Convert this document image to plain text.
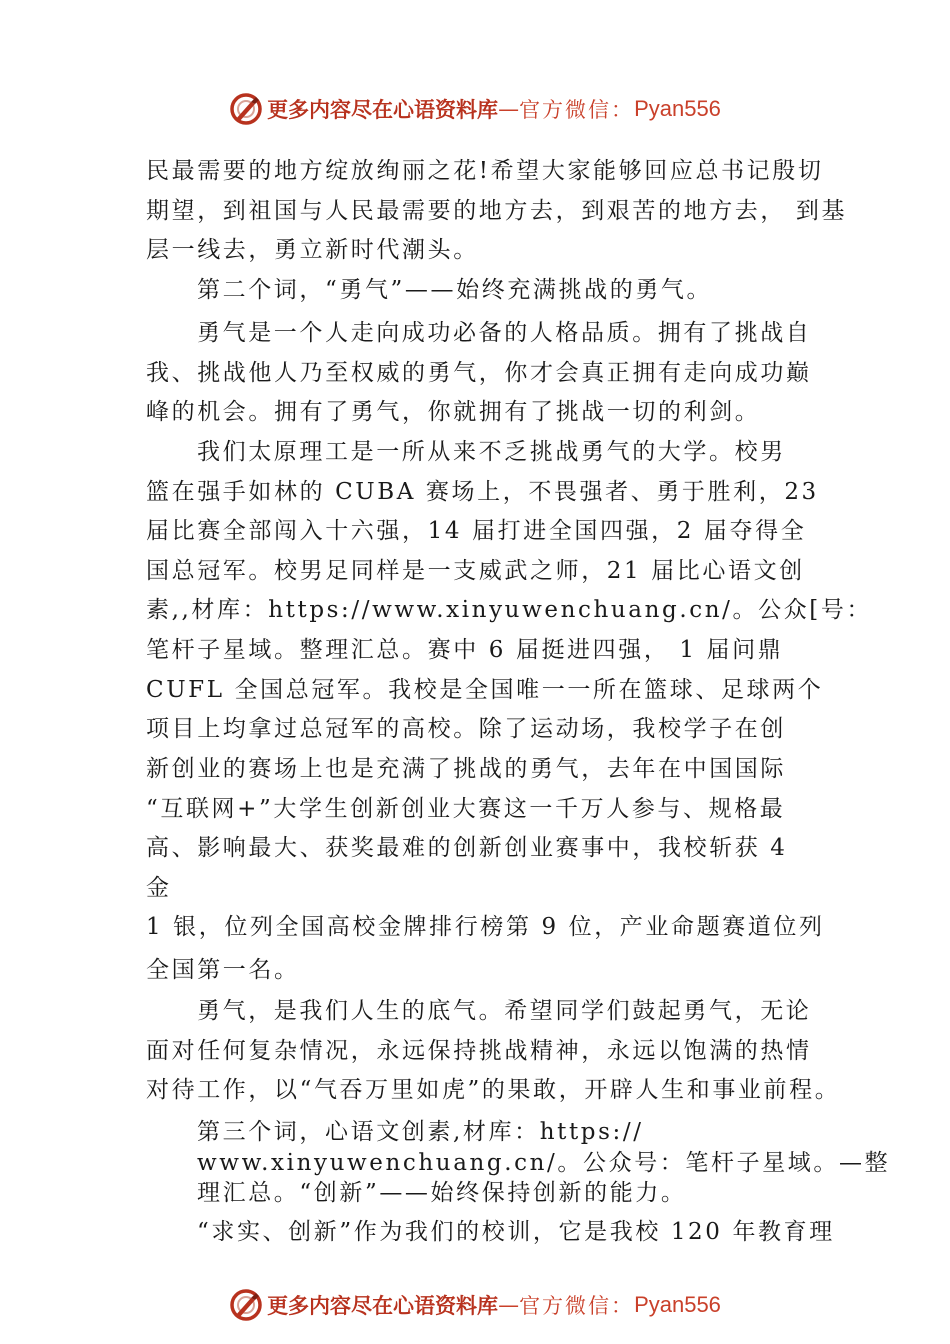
更多内容尽在心语资料库 — 官方微信： Pyan556
民最需要的地方绽放绚丽之花!希望大家能够回应总书记殷切
期望，到祖国与人民最需要的地方去，到艰苦的地方去， 到基
层一线去，勇立新时代潮头。
第二个词，“勇气”——始终充满挑战的勇气。
勇气是一个人走向成功必备的人格品质。拥有了挑战自
我、挑战他人乃至权威的勇气，你才会真正拥有走向成功巅
峰的机会。拥有了勇气，你就拥有了挑战一切的利剑。
我们太原理工是一所从来不乏挑战勇气的大学。校男
篮在强手如林的 CUBA 赛场上，不畏强者、勇于胜利，23
届比赛全部闯入十六强，14 届打进全国四强，2 届夺得全
国总冠军。校男足同样是一支威武之师，21 届比心语文创
素,,材库：https://www.xinyuwenchuang.cn/。公众[号：
笔杆子星域。整理汇总。赛中 6 届挺进四强， 1 届问鼎
CUFL 全国总冠军。我校是全国唯一一所在篮球、足球两个
项目上均拿过总冠军的高校。除了运动场，我校学子在创
新创业的赛场上也是充满了挑战的勇气，去年在中国国际
“互联网+”大学生创新创业大赛这一千万人参与、规格最
高、影响最大、获奖最难的创新创业赛事中，我校斩获 4
金
1 银，位列全国高校金牌排行榜第 9 位，产业命题赛道位列
全国第一名。
勇气，是我们人生的底气。希望同学们鼓起勇气，无论
面对任何复杂情况，永远保持挑战精神，永远以饱满的热情
对待工作，以“气吞万里如虎”的果敢，开辟人生和事业前程。
第三个词，心语文创素,材库：https://
www.xinyuwenchuang.cn/。公众号：笔杆子星域。—整
理汇总。“创新”——始终保持创新的能力。
“求实、创新”作为我们的校训，它是我校 120 年教育理
更多内容尽在心语资料库 — 官方微信： Pyan556
